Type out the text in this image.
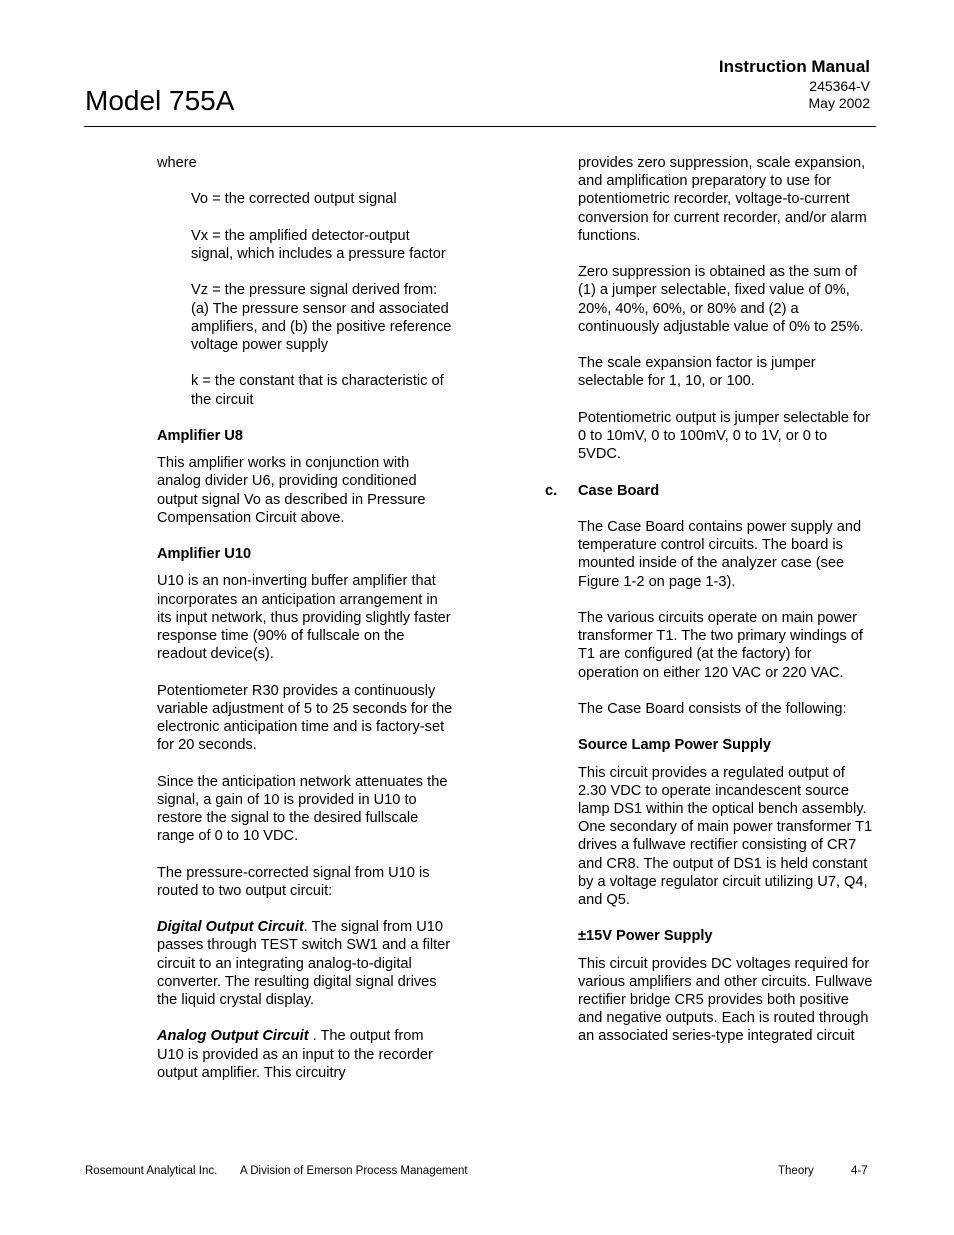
Model 755A
Instruction Manual
245364-V
May 2002

where

Vo = the corrected output signal

Vx = the amplified detector-output signal, which includes a pressure factor

Vz = the pressure signal derived from: (a) The pressure sensor and associated amplifiers, and (b) the positive reference voltage power supply

k = the constant that is characteristic of the circuit

Amplifier U8

This amplifier works in conjunction with analog divider U6, providing conditioned output signal Vo as described in Pressure Compensation Circuit above.

Amplifier U10

U10 is an non-inverting buffer amplifier that incorporates an anticipation arrangement in its input network, thus providing slightly faster response time (90% of fullscale on the readout device(s).

Potentiometer R30 provides a continuously variable adjustment of 5 to 25 seconds for the electronic anticipation time and is factory-set for 20 seconds.

Since the anticipation network attenuates the signal, a gain of 10 is provided in U10 to restore the signal to the desired fullscale range of 0 to 10 VDC.

The pressure-corrected signal from U10 is routed to two output circuit:

Digital Output Circuit. The signal from U10 passes through TEST switch SW1 and a filter circuit to an integrating analog-to-digital converter. The resulting digital signal drives the liquid crystal display.

Analog Output Circuit . The output from U10 is provided as an input to the recorder output amplifier. This circuitry

provides zero suppression, scale expansion, and amplification preparatory to use for potentiometric recorder, voltage-to-current conversion for current recorder, and/or alarm functions.

Zero suppression is obtained as the sum of (1) a jumper selectable, fixed value of 0%, 20%, 40%, 60%, or 80% and (2) a continuously adjustable value of 0% to 25%.

The scale expansion factor is jumper selectable for 1, 10, or 100.

Potentiometric output is jumper selectable for 0 to 10mV, 0 to 100mV, 0 to 1V, or 0 to 5VDC.

c. Case Board

The Case Board contains power supply and temperature control circuits. The board is mounted inside of the analyzer case (see Figure 1-2 on page 1-3).

The various circuits operate on main power transformer T1. The two primary windings of T1 are configured (at the factory) for operation on either 120 VAC or 220 VAC.

The Case Board consists of the following:

Source Lamp Power Supply

This circuit provides a regulated output of 2.30 VDC to operate incandescent source lamp DS1 within the optical bench assembly. One secondary of main power transformer T1 drives a fullwave rectifier consisting of CR7 and CR8. The output of DS1 is held constant by a voltage regulator circuit utilizing U7, Q4, and Q5.

±15V Power Supply

This circuit provides DC voltages required for various amplifiers and other circuits. Fullwave rectifier bridge CR5 provides both positive and negative outputs. Each is routed through an associated series-type integrated circuit

Rosemount Analytical Inc. A Division of Emerson Process Management	Theory	4-7
